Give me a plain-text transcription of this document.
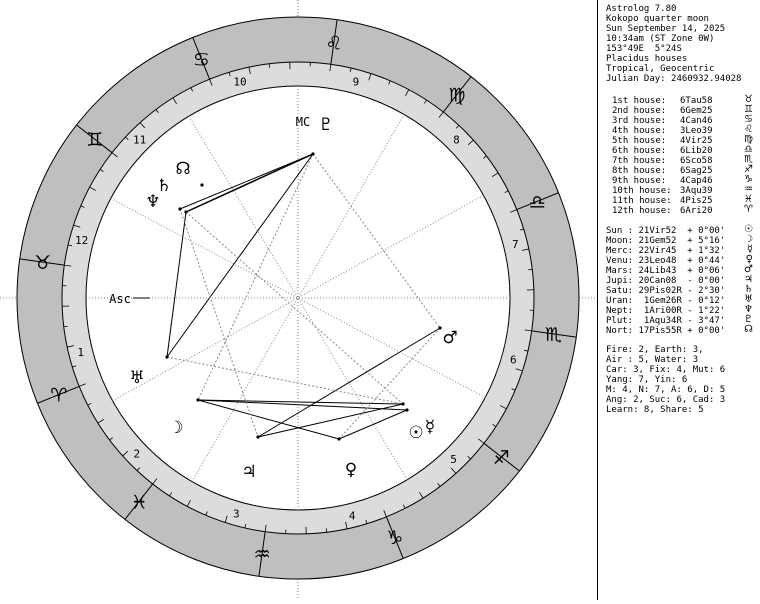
♈
♉
♊
♋
♌
♍
♎
♏
♐
♑
♒
♓
1
2
3	4
5
6
7
8
9
10
11
12
Asc
MC
☉
☽	☿
♀
♂
♃
♄
♅
♆
♇
☊
Astrolog 7.80
Kokopo quarter moon
Sun September 14, 2025
10:34am (ST Zone 0W)
153°49E  5°24S
Placidus houses
Tropical, Geocentric
Julian Day: 2460932.94028
1st house: 6Tau58	♉
2nd house: 6Gem25	♊
3rd house: 4Can46	♋
4th house: 3Leo39	♌
5th house: 4Vir25	♍
6th house: 6Lib20	♎
7th house: 6Sco58	♏
8th house: 6Sag25	♐
9th house: 4Cap46	♑
10th house: 3Aqu39	♒
11th house: 4Pis25	♓
12th house: 6Ari20	♈
Sun : 21Vir52  + 0°00' ☉
Moon: 21Gem52  + 5°16' ☽
Merc: 22Vir45  + 1°32' ☿
Venu: 23Leo48  + 0°44' ♀
Mars: 24Lib43  + 0°06' ♂
Jupi: 20Can08  - 0°00' ♃
Satu: 29Pis02R - 2°30' ♄
Uran:  1Gem26R - 0°12' ♅
Nept:  1Ari00R - 1°22' ♆
Plut:  1Aqu34R - 3°47' ♇
Nort: 17Pis55R + 0°00' ☊
Fire: 2, Earth: 3,
Air : 5, Water: 3
Car: 3, Fix: 4, Mut: 6
Yang: 7, Yin: 6
M: 4, N: 7, A: 6, D: 5
Ang: 2, Suc: 6, Cad: 3
Learn: 8, Share: 5
